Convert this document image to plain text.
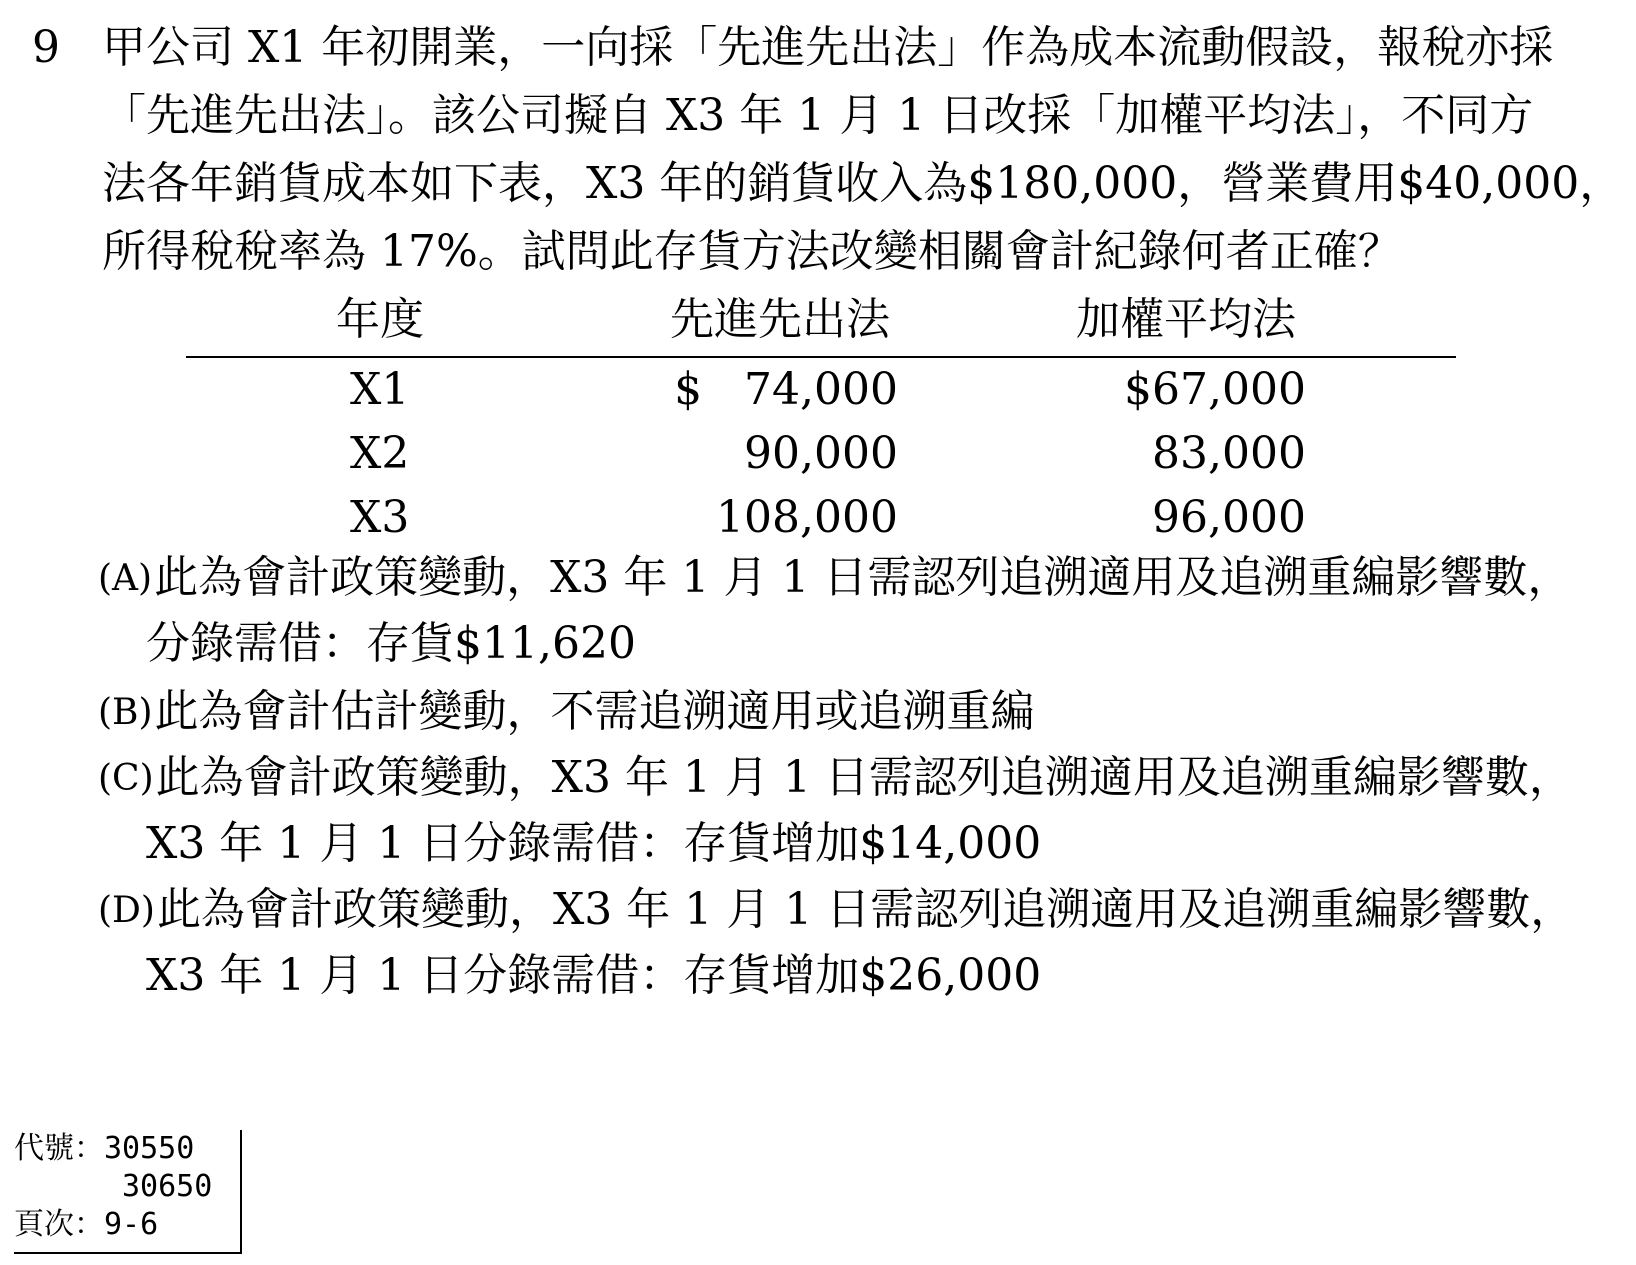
9 甲公司 X1 年初開業，一向採「先進先出法」作為成本流動假設，報稅亦採
「先進先出法」。該公司擬自 X3 年 1 月 1 日改採「加權平均法」，不同方
法各年銷貨成本如下表，X3 年的銷貨收入為$180,000，營業費用$40,000，
所得稅稅率為 17%。試問此存貨方法改變相關會計紀錄何者正確？
年度	先進先出法	加權平均法
X1	$   74,000	$67,000
X2	90,000	83,000
X3	108,000	96,000
(A)此為會計政策變動，X3 年 1 月 1 日需認列追溯適用及追溯重編影響數，
分錄需借：存貨$11,620
(B)此為會計估計變動，不需追溯適用或追溯重編
(C)此為會計政策變動，X3 年 1 月 1 日需認列追溯適用及追溯重編影響數，
X3 年 1 月 1 日分錄需借：存貨增加$14,000
(D)此為會計政策變動，X3 年 1 月 1 日需認列追溯適用及追溯重編影響數，
X3 年 1 月 1 日分錄需借：存貨增加$26,000
代號：30550
30650
頁次：9-6
